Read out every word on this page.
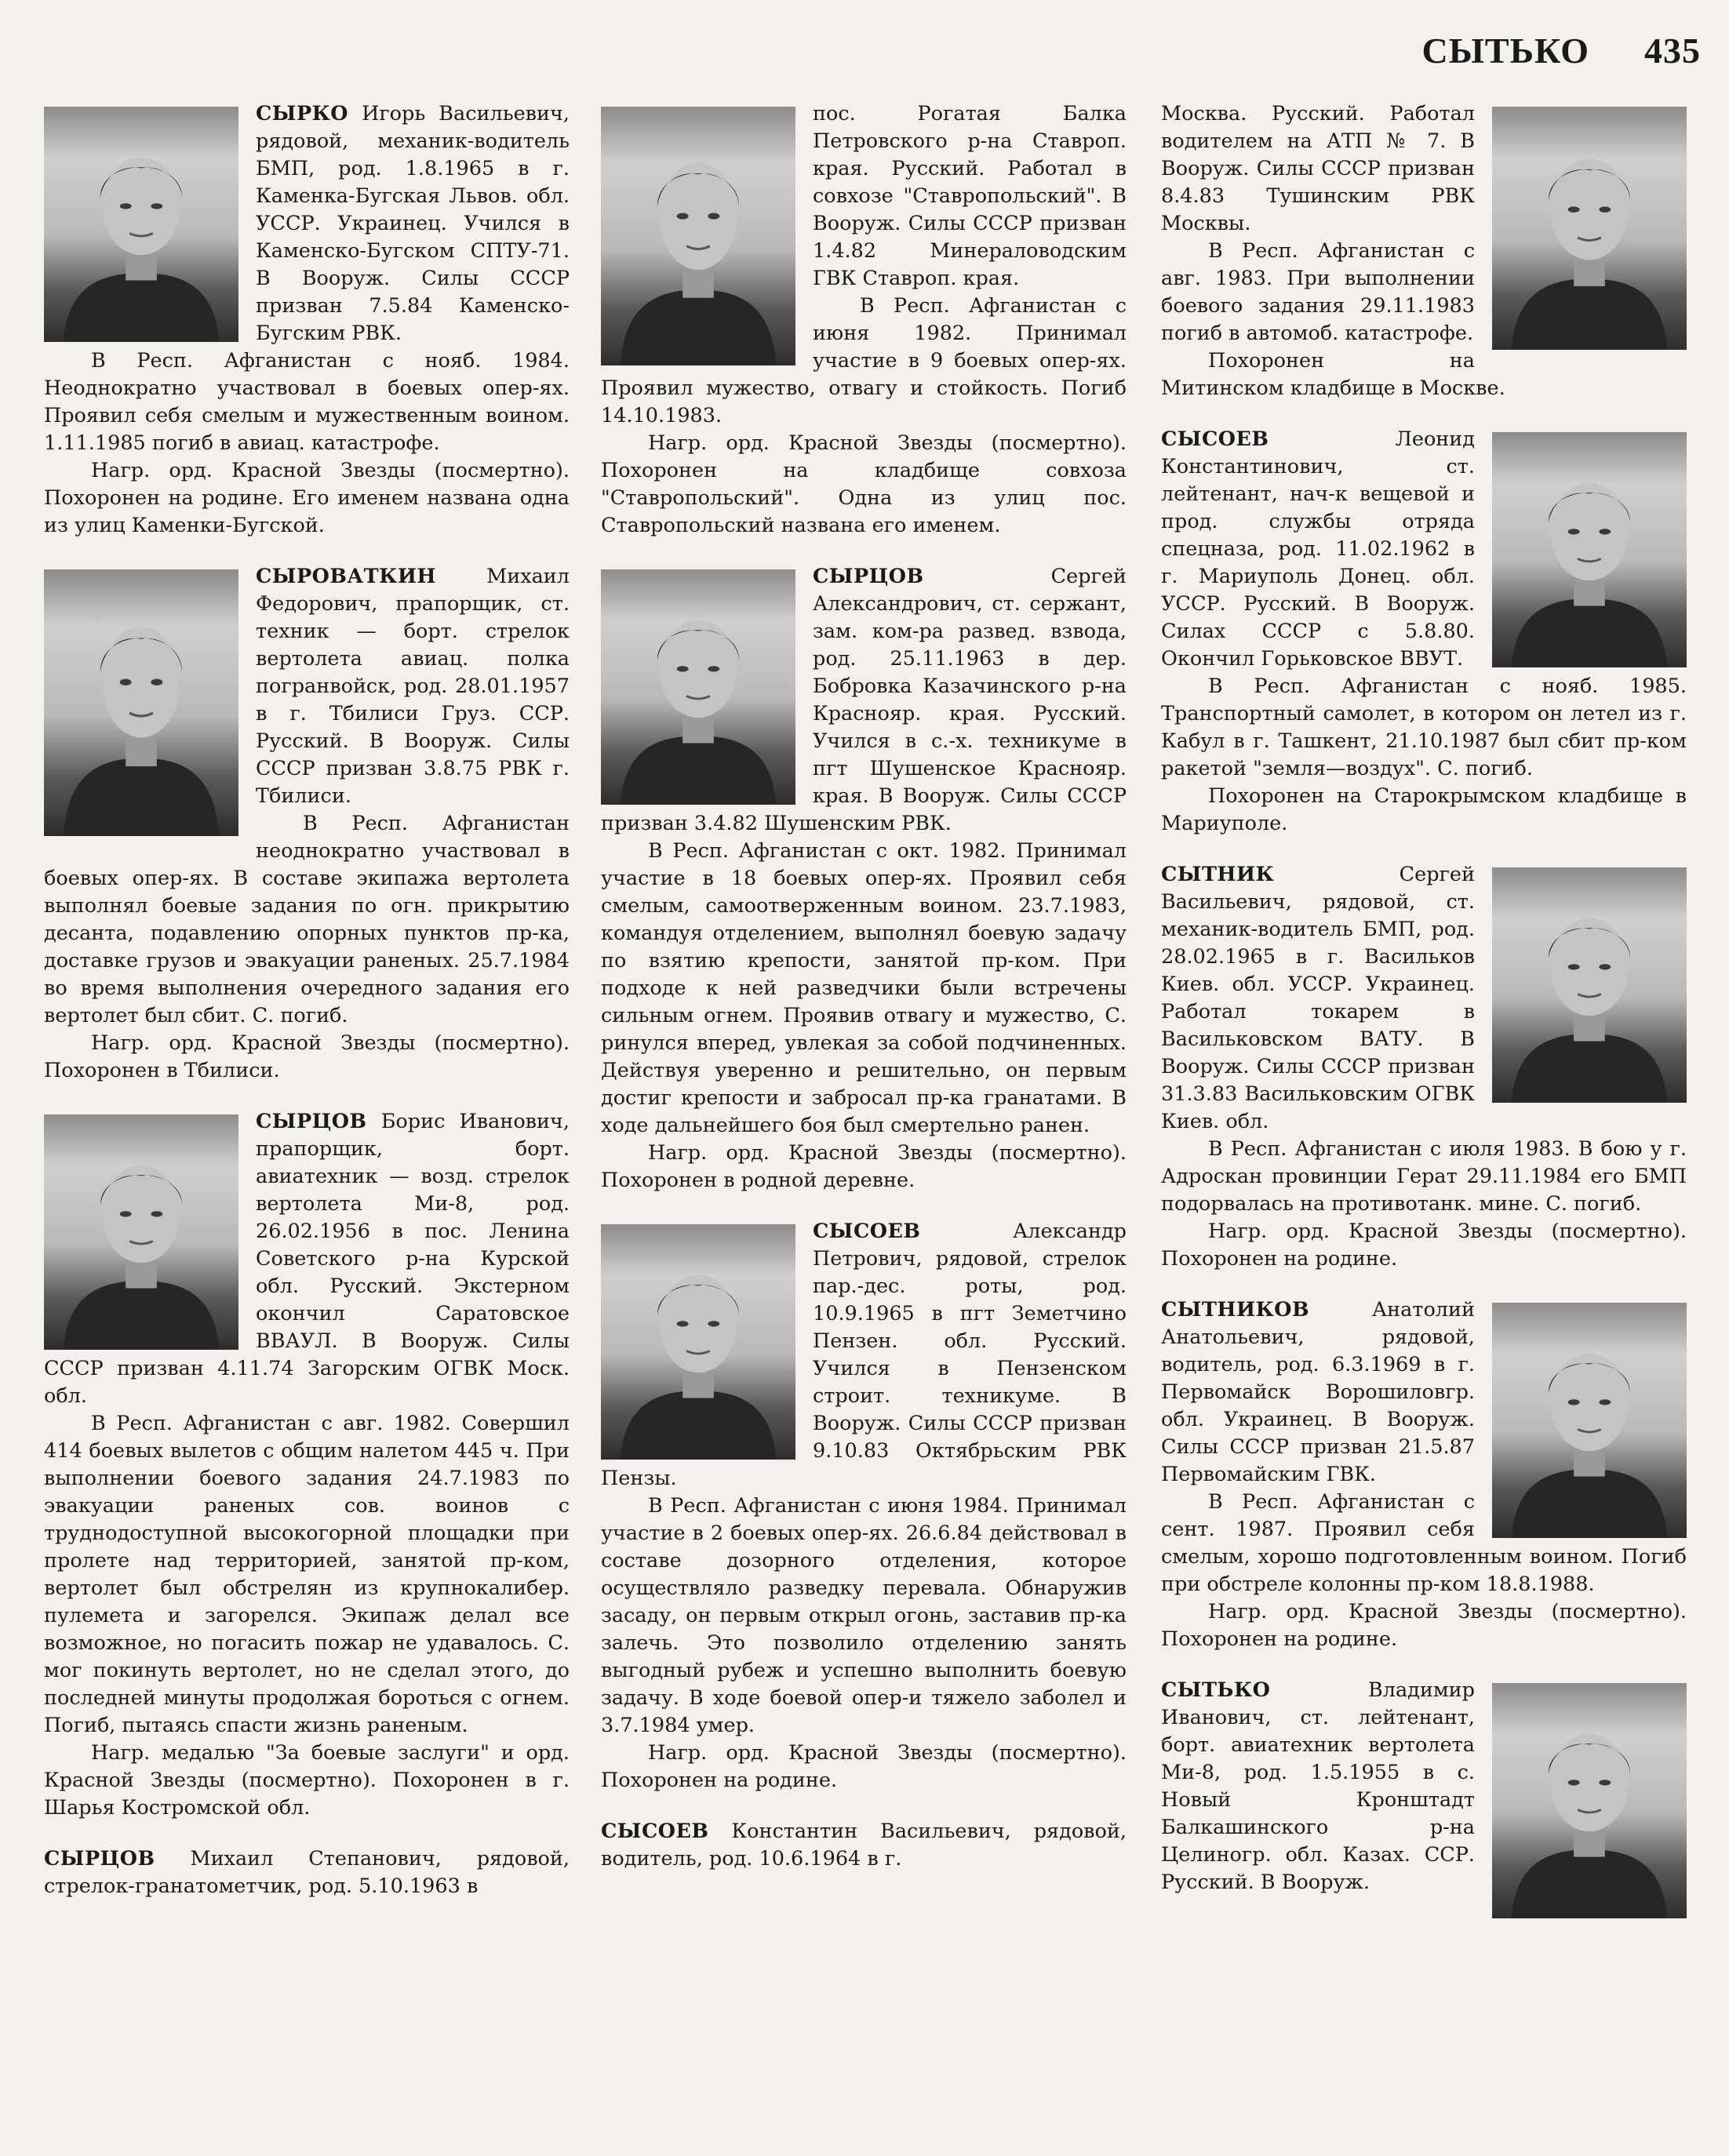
СЫТЬКО 435

СЫРКО Игорь Васильевич, рядовой, механик-водитель БМП, род. 1.8.1965 в г. Каменка-Бугская Львов. обл. УССР. Украинец. Учился в Каменско-Бугском СПТУ-71. В Вооруж. Силы СССР призван 7.5.84 Каменско-Бугским РВК.

В Респ. Афганистан с нояб. 1984. Неоднократно участвовал в боевых опер-ях. Проявил себя смелым и мужественным воином. 1.11.1985 погиб в авиац. катастрофе.

Нагр. орд. Красной Звезды (посмертно). Похоронен на родине. Его именем названа одна из улиц Каменки-Бугской.

СЫРОВАТКИН	Михаил Федорович, прапорщик, ст. техник — борт. стрелок вертолета авиац. полка погранвойск, род. 28.01.1957 в г. Тбилиси Груз. ССР. Русский. В Вооруж. Силы СССР призван 3.8.75 РВК г. Тбилиси.

В Респ. Афганистан неоднократно участвовал в боевых опер-ях. В составе экипажа вертолета выполнял боевые задания по огн. прикрытию десанта, подавлению опорных пунктов пр-ка, доставке грузов и эвакуации раненых. 25.7.1984 во время выполнения очередного задания его вертолет был сбит. С. погиб.

Нагр. орд. Красной Звезды (посмертно). Похоронен в Тбилиси.

СЫРЦОВ Борис Иванович, прапорщик, борт. авиатехник — возд. стрелок вертолета Ми-8, род. 26.02.1956 в пос. Ленина Советского р-на Курской обл. Русский. Экстерном окончил Саратовское ВВАУЛ. В Вооруж. Силы СССР призван 4.11.74 Загорским ОГВК Моск. обл.

В Респ. Афганистан с авг. 1982. Совершил 414 боевых вылетов с общим налетом 445 ч. При выполнении боевого задания 24.7.1983 по эвакуации раненых сов. воинов с труднодоступной высокогорной площадки при пролете над территорией, занятой пр-ком, вертолет был обстрелян из крупнокалибер. пулемета и загорелся. Экипаж делал все возможное, но погасить пожар не удавалось. С. мог покинуть вертолет, но не сделал этого, до последней минуты продолжая бороться с огнем. Погиб, пытаясь спасти жизнь раненым.

Нагр. медалью "За боевые заслуги" и орд. Красной Звезды (посмертно). Похоронен в г. Шарья Костромской обл.

СЫРЦОВ Михаил Степанович, рядовой, стрелок-гранатометчик, род. 5.10.1963 в

пос. Рогатая Балка Петровского р-на Ставроп. края. Русский. Работал в совхозе "Ставропольский". В Вооруж. Силы СССР призван 1.4.82 Минераловодским ГВК Ставроп. края.

В Респ. Афганистан с июня 1982. Принимал участие в 9 боевых опер-ях. Проявил мужество, отвагу и стойкость. Погиб 14.10.1983.

Нагр. орд. Красной Звезды (посмертно). Похоронен на кладбище совхоза "Ставропольский". Одна из улиц пос. Ставропольский названа его именем.

СЫРЦОВ	Сергей Александрович, ст. сержант, зам. ком-ра развед. взвода, род. 25.11.1963 в дер. Бобровка Казачинского р-на Краснояр. края. Русский. Учился в с.-х. техникуме в пгт Шушенское Краснояр. края. В Вооруж. Силы СССР призван 3.4.82 Шушенским РВК.

В Респ. Афганистан с окт. 1982. Принимал участие в 18 боевых опер-ях. Проявил себя смелым, самоотверженным воином. 23.7.1983, командуя отделением, выполнял боевую задачу по взятию крепости, занятой пр-ком. При подходе к ней разведчики были встречены сильным огнем. Проявив отвагу и мужество, С. ринулся вперед, увлекая за собой подчиненных. Действуя уверенно и решительно, он первым достиг крепости и забросал пр-ка гранатами. В ходе дальнейшего боя был смертельно ранен.

Нагр. орд. Красной Звезды (посмертно). Похоронен в родной деревне.

СЫСОЕВ	Александр Петрович, рядовой, стрелок пар.-дес. роты, род. 10.9.1965 в пгт Земетчино Пензен. обл. Русский. Учился в Пензенском строит. техникуме. В Вооруж. Силы СССР призван 9.10.83 Октябрьским РВК Пензы.

В Респ. Афганистан с июня 1984. Принимал участие в 2 боевых опер-ях. 26.6.84 действовал в составе дозорного отделения, которое осуществляло разведку перевала. Обнаружив засаду, он первым открыл огонь, заставив пр-ка залечь. Это позволило отделению занять выгодный рубеж и успешно выполнить боевую задачу. В ходе боевой опер-и тяжело заболел и 3.7.1984 умер.

Нагр. орд. Красной Звезды (посмертно). Похоронен на родине.

СЫСОЕВ Константин Васильевич, рядовой, водитель, род. 10.6.1964 в г.

Москва. Русский. Работал водителем на АТП № 7. В Вооруж. Силы СССР призван 8.4.83 Тушинским РВК Москвы.

В Респ. Афганистан с авг. 1983. При выполнении боевого задания 29.11.1983 погиб в автомоб. катастрофе.

Похоронен на Митинском кладбище в Москве.

СЫСОЕВ	Леонид Константинович, ст. лейтенант, нач-к вещевой и прод. службы отряда спецназа, род. 11.02.1962 в г. Мариуполь Донец. обл. УССР. Русский. В Вооруж. Силах СССР с 5.8.80. Окончил Горьковское ВВУТ.

В Респ. Афганистан с нояб. 1985. Транспортный самолет, в котором он летел из г. Кабул в г. Ташкент, 21.10.1987 был сбит пр-ком ракетой "земля—воздух". С. погиб.

Похоронен на Старокрымском кладбище в Мариуполе.

СЫТНИК	Сергей Васильевич, рядовой, ст. механик-водитель БМП, род. 28.02.1965 в г. Васильков Киев. обл. УССР. Украинец. Работал токарем в Васильковском ВАТУ. В Вооруж. Силы СССР призван 31.3.83 Васильковским ОГВК Киев. обл.

В Респ. Афганистан с июля 1983. В бою у г. Адроскан провинции Герат 29.11.1984 его БМП подорвалась на противотанк. мине. С. погиб.

Нагр. орд. Красной Звезды (посмертно). Похоронен на родине.

СЫТНИКОВ	Анатолий Анатольевич, рядовой, водитель, род. 6.3.1969 в г. Первомайск Ворошиловгр. обл. Украинец. В Вооруж. Силы СССР призван 21.5.87 Первомайским ГВК.

В Респ. Афганистан с сент. 1987. Проявил себя смелым, хорошо подготовленным воином. Погиб при обстреле колонны пр-ком 18.8.1988.

Нагр. орд. Красной Звезды (посмертно). Похоронен на родине.

СЫТЬКО	Владимир Иванович, ст. лейтенант, борт. авиатехник вертолета Ми-8, род. 1.5.1955 в с. Новый Кронштадт Балкашинского р-на Целиногр. обл. Казах. ССР. Русский. В Вооруж.
